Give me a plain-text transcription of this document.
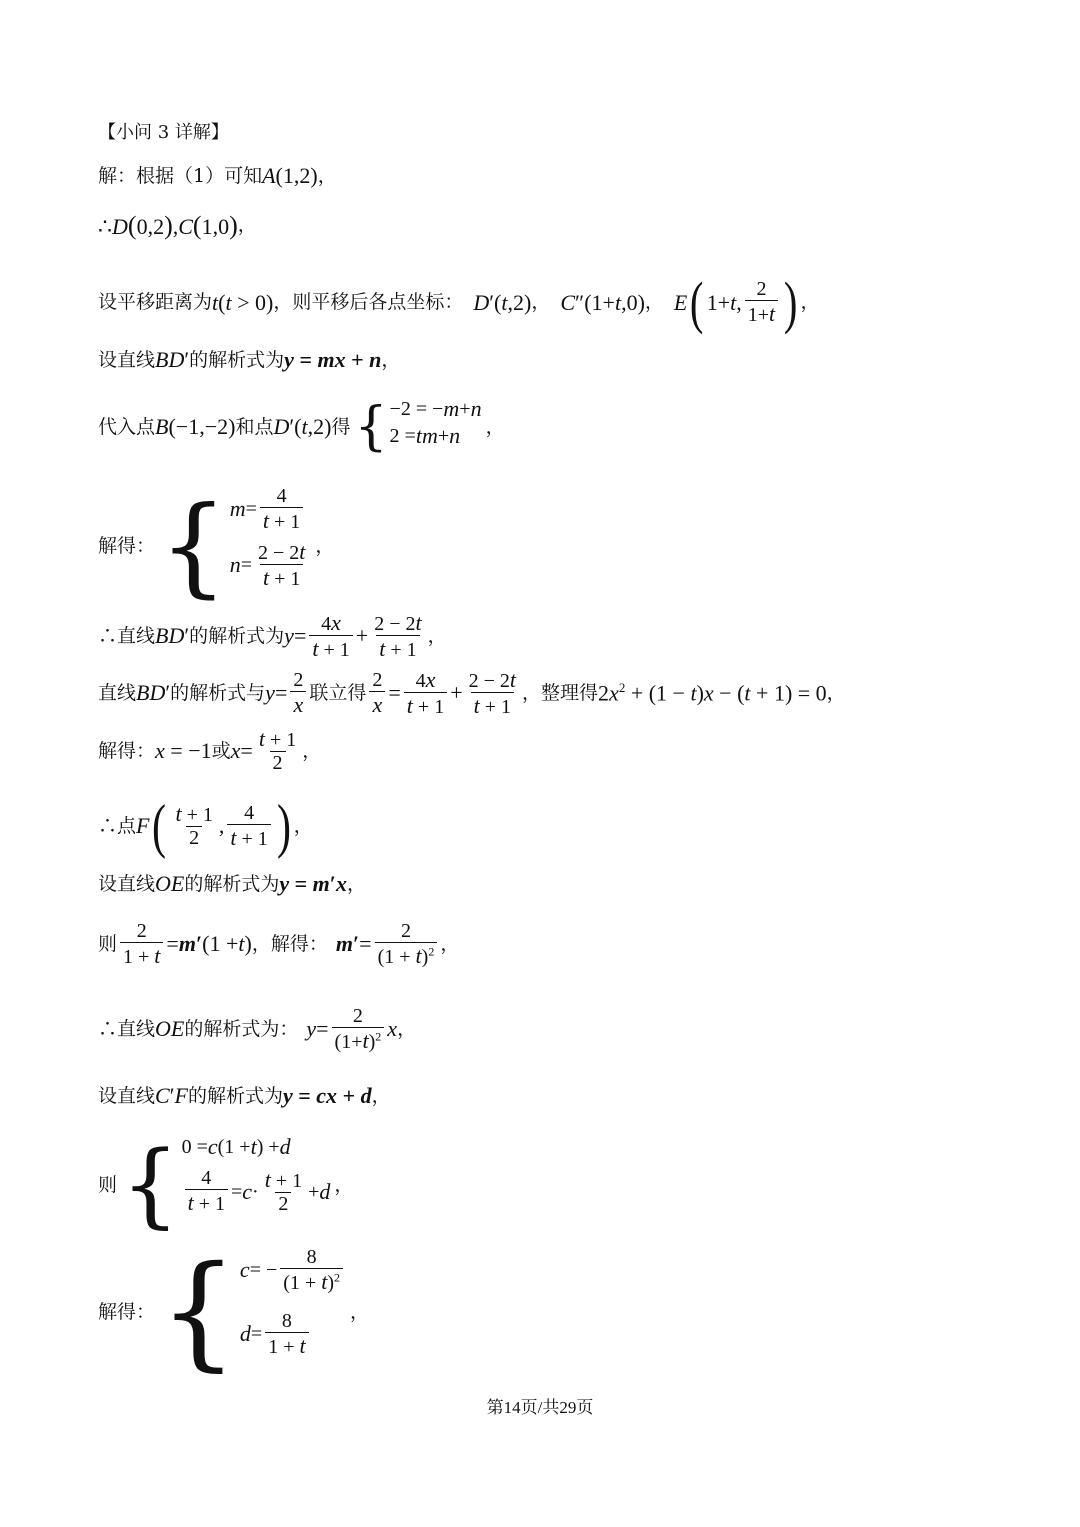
【小问 3 详解】
解：根据（1）可知 A(1,2) ，
∴D(0,2),C(1,0) ，
设平移距离为 t(t > 0) ，则平移后各点坐标： D′(t,2) ， C″(1+t,0) ， E ( 1+ t , $\frac{2}{1+t}$ ) ，
设直线 BD′ 的解析式为 y = mx + n ，
代入点 B(−1,−2) 和点 D′(t,2) 得 { −2 = − m + n
2 = tm + n ，
解得： { $m = \frac{4}{t + 1}$
$n = \frac{2 - 2t}{t + 1}$ ，
∴直线 BD′ 的解析式为 $y = \frac{4x}{t + 1} + \frac{2 - 2t}{t + 1}$ ，
直线 BD′ 的解析式与 $y = \frac{2}{x}$ 联立得 $\frac{2}{x} = \frac{4x}{t + 1} + \frac{2 - 2t}{t + 1}$ ，整理得 $2x^2 + (1 - t)x - (t + 1) = 0$ ，
解得： x = −1 或 $x = \frac{t + 1}{2}$ ，
∴点 F ( $\frac{t + 1}{2}$ , $\frac{4}{t + 1}$ ) ，
设直线 OE 的解析式为 y = m′x ，
则 $\frac{2}{1 + t} = m'$ (1 + t ) ，解得： $m' = \frac{2}{(1 + t)^2}$ ，
∴直线 OE 的解析式为： $y = \frac{2}{(1+t)^2}$ x ，
设直线 C′F 的解析式为 y = cx + d ，
则 { 0 = c (1 + t ) + d
$\frac{4}{t + 1} = c \cdot \frac{t + 1}{2} + d$ ，
解得： { c = − $\frac{8}{(1 + t)^2}$
$d = \frac{8}{1 + t}$ ，
第14页/共29页
